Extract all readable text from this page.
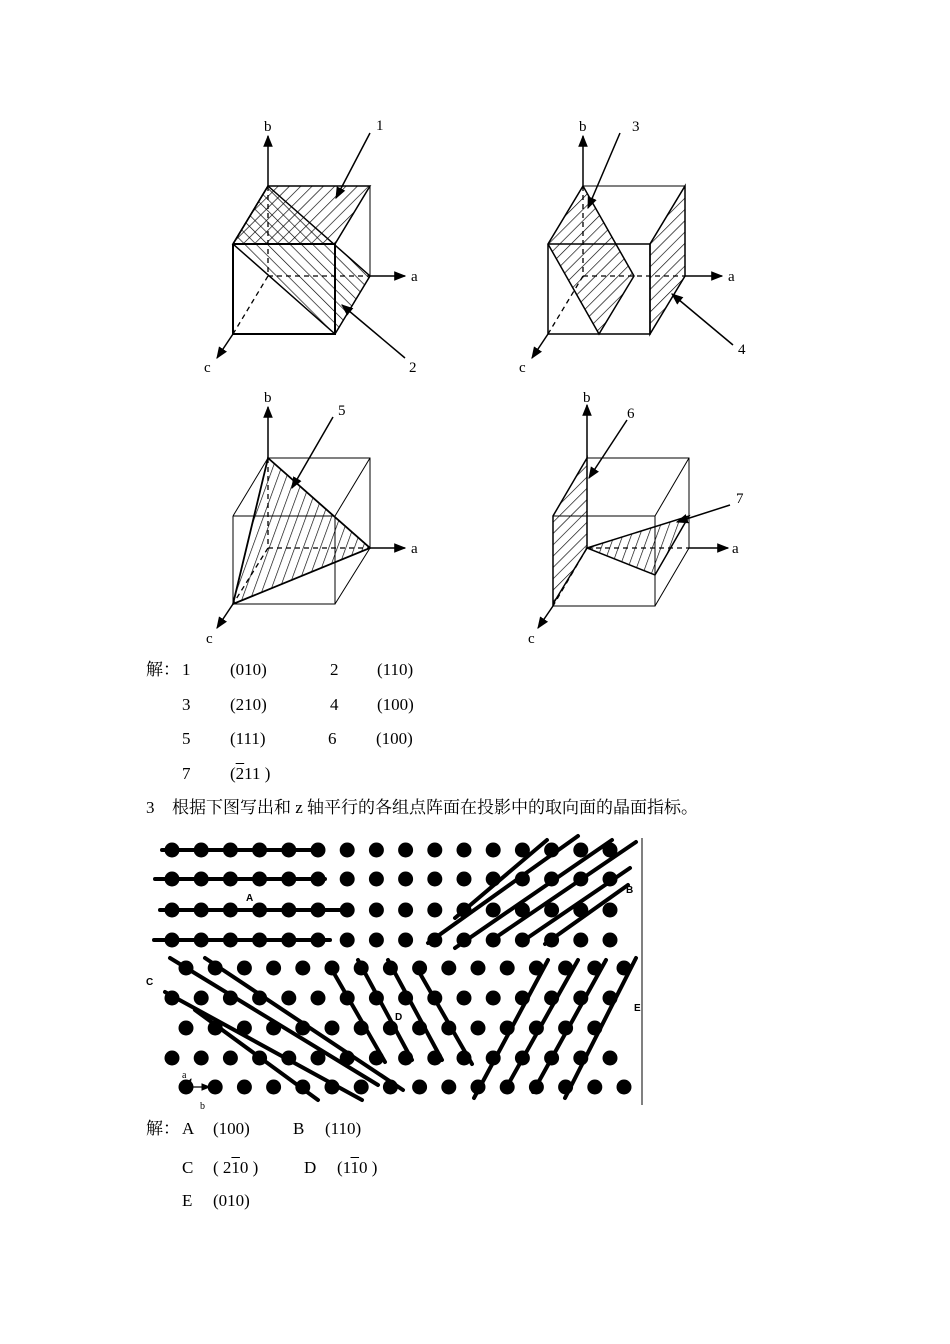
b
a
c
1
2
b
a
c
3
4
b
a
c
5
b
a
c
6
7
解： 1 (010)	2 (110)
3 (210)	4 (100)
5 (111)	6 (100)
7 (211 )
3 根据下图写出和 z 轴平行的各组点阵面在投影中的取向面的晶面指标。
A
B
C
D
E
a
b
解： A (100)	B (110)
C ( 210 )	D (110 )
E (010)
